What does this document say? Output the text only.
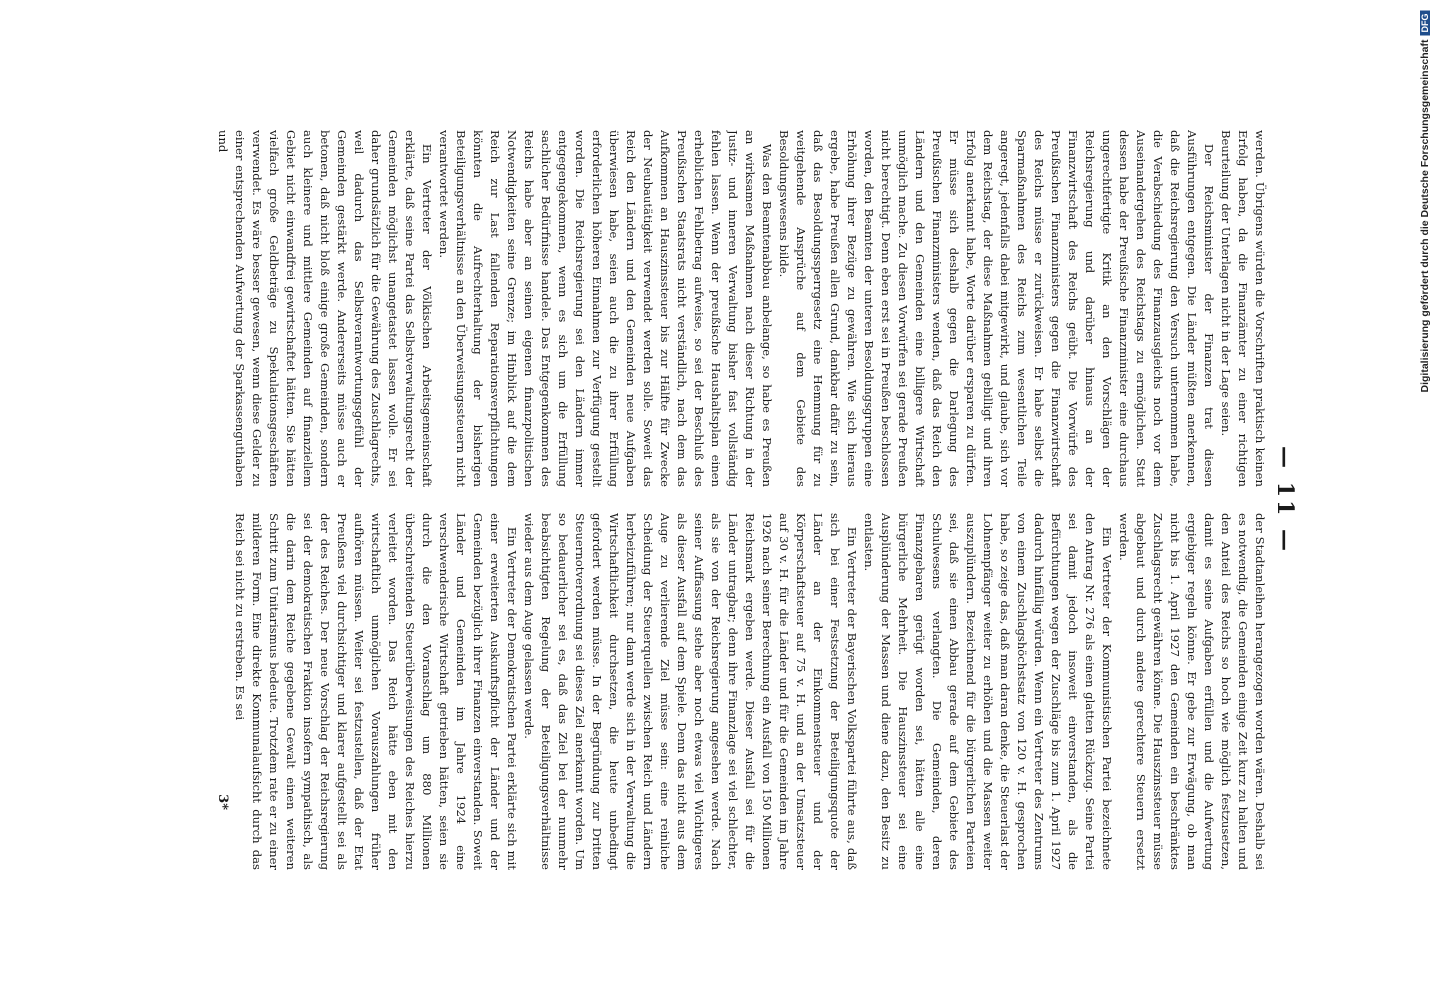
— 11 —

werden. Übrigens würden die Vorschriften praktisch keinen Erfolg haben, da die Finanzämter zu einer richtigen Beurteilung der Unterlagen nicht in der Lage seien.

Der Reichsminister der Finanzen trat diesen Ausführungen entgegen. Die Länder müßten anerkennen, daß die Reichsregierung den Versuch unternommen habe, die Verabschiedung des Finanzausgleichs noch vor dem Auseinandergehen des Reichstags zu ermöglichen. Statt dessen habe der Preußische Finanzminister eine durchaus ungerechtfertigte Kritik an den Vorschlägen der Reichsregierung und darüber hinaus an der Finanzwirtschaft des Reichs geübt. Die Vorwürfe des Preußischen Finanzministers gegen die Finanzwirtschaft des Reichs müsse er zurückweisen. Er habe selbst die Sparmaßnahmen des Reichs zum wesentlichen Teile angeregt, jedenfalls dabei mitgewirkt, und glaube, sich vor dem Reichstag, der diese Maßnahmen gebilligt und ihren Erfolg anerkannt habe, Worte darüber ersparen zu dürfen. Er müsse sich deshalb gegen die Darlegung des Preußischen Finanzministers wenden, daß das Reich den Ländern und den Gemeinden eine billigere Wirtschaft unmöglich mache. Zu diesen Vorwürfen sei gerade Preußen nicht berechtigt. Denn eben erst sei in Preußen beschlossen worden, den Beamten der unteren Besoldungsgruppen eine Erhöhung ihrer Bezüge zu gewähren. Wie sich hieraus ergebe, habe Preußen allen Grund, dankbar dafür zu sein, daß das Besoldungssperrgesetz eine Hemmung für zu weitgehende Ansprüche auf dem Gebiete des Besoldungswesens bilde.

Was den Beamtenabbau anbelange, so habe es Preußen an wirksamen Maßnahmen nach dieser Richtung in der Justiz- und inneren Verwaltung bisher fast vollständig fehlen lassen. Wenn der preußische Haushaltsplan einen erheblichen Fehlbetrag aufweise, so sei der Beschluß des Preußischen Staatsrats nicht verständlich, nach dem das Aufkommen an Hauszinssteuer bis zur Hälfte für Zwecke der Neubautätigkeit verwendet werden solle. Soweit das Reich den Ländern und den Gemeinden neue Aufgaben überwiesen habe, seien auch die zu ihrer Erfüllung erforderlichen höheren Einnahmen zur Verfügung gestellt worden. Die Reichsregierung sei den Ländern immer entgegengekommen, wenn es sich um die Erfüllung sachlicher Bedürfnisse handele. Das Entgegenkommen des Reichs habe aber an seinen eigenen finanzpolitischen Notwendigkeiten seine Grenze; im Hinblick auf die dem Reich zur Last fallenden Reparationsverpflichtungen könnten die Aufrechterhaltung der bisherigen Beteiligungsverhältnisse an den Überweisungssteuern nicht verantwortet werden.

Ein Vertreter der Völkischen Arbeitsgemeinschaft erklärte, daß seine Partei das Selbstverwaltungsrecht der Gemeinden möglichst unangetastet lassen wolle. Er sei daher grundsätzlich für die Gewährung des Zuschlagrechts, weil dadurch das Selbstverantwortungsgefühl der Gemeinden gestärkt werde. Andererseits müsse auch er betonen, daß nicht bloß einige große Gemeinden, sondern auch kleinere und mittlere Gemeinden auf finanziellem Gebiet nicht einwandfrei gewirtschaftet hätten. Sie hätten vielfach große Geldbeträge zu Spekulationsgeschäften verwendet. Es wäre besser gewesen, wenn diese Gelder zu einer entsprechenden Aufwertung der Sparkassenguthaben und

der Stadtanleihen herangezogen worden wären. Deshalb sei es notwendig, die Gemeinden einige Zeit kurz zu halten und den Anteil des Reichs so hoch wie möglich festzusetzen, damit es seine Aufgaben erfüllen und die Aufwertung ergiebiger regeln könne. Er gebe zur Erwägung, ob man nicht bis 1. April 1927 den Gemeinden ein beschränktes Zuschlagsrecht gewähren könne. Die Hauszinssteuer müsse abgebaut und durch andere gerechtere Steuern ersetzt werden.

Ein Vertreter der Kommunistischen Partei bezeichnete den Antrag Nr. 276 als einen glatten Rückzug. Seine Partei sei damit jedoch insoweit einverstanden, als die Befürchtungen wegen der Zuschläge bis zum 1. April 1927 dadurch hinfällig würden. Wenn ein Vertreter des Zentrums von einem Zuschlagshöchstsatz von 120 v. H. gesprochen habe, so zeige das, daß man daran denke, die Steuerlast der Lohnempfänger weiter zu erhöhen und die Massen weiter auszuplündern. Bezeichnend für die bürgerlichen Parteien sei, daß sie einen Abbau gerade auf dem Gebiete des Schulwesens verlangten. Die Gemeinden, deren Finanzgebaren gerügt worden sei, hätten alle eine bürgerliche Mehrheit. Die Hauszinssteuer sei eine Ausplünderung der Massen und diene dazu, den Besitz zu entlasten.

Ein Vertreter der Bayerischen Volkspartei führte aus, daß sich bei einer Festsetzung der Beteiligungsquote der Länder an der Einkommensteuer und der Körperschaftsteuer auf 75 v. H. und an der Umsatzsteuer auf 30 v. H. für die Länder und für die Gemeinden im Jahre 1926 nach seiner Berechnung ein Ausfall von 150 Millionen Reichsmark ergeben werde. Dieser Ausfall sei für die Länder untragbar; denn ihre Finanzlage sei viel schlechter, als sie von der Reichsregierung angesehen werde. Nach seiner Auffassung stehe aber noch etwas viel Wichtigeres als dieser Ausfall auf dem Spiele. Denn das nicht aus dem Auge zu verlierende Ziel müsse sein: eine reinliche Scheidung der Steuerquellen zwischen Reich und Ländern herbeizuführen; nur dann werde sich in der Verwaltung die Wirtschaftlichkeit durchsetzen, die heute unbedingt gefordert werden müsse. In der Begründung zur Dritten Steuernotverordnung sei dieses Ziel anerkannt worden. Um so bedauerlicher sei es, daß das Ziel bei der nunmehr beabsichtigten Regelung der Beteiligungsverhältnisse wieder aus dem Auge gelassen werde.

Ein Vertreter der Demokratischen Partei erklärte sich mit einer erweiterten Auskunftspflicht der Länder und der Gemeinden bezüglich ihrer Finanzen einverstanden. Soweit Länder und Gemeinden im Jahre 1924 eine verschwenderische Wirtschaft getrieben hätten, seien sie durch die den Voranschlag um 880 Millionen überschreitenden Steuerüberweisungen des Reiches hierzu verleitet worden. Das Reich hätte eben mit den wirtschaftlich unmöglichen Vorauszahlungen früher aufhören müssen. Weiter sei festzustellen, daß der Etat Preußens viel durchsichtiger und klarer aufgestellt sei als der des Reiches. Der neue Vorschlag der Reichsregierung sei der demokratischen Fraktion insofern sympathisch, als die darin dem Reiche gegebene Gewalt einen weiteren Schritt zum Unitarismus bedeute. Trotzdem rate er zu einer milderen Form. Eine direkte Kommunalaufsicht durch das Reich sei nicht zu erstreben. Es sei

3*
Digitalisierung gefördert durch die Deutsche ForschungsgemeinschaftDFG
